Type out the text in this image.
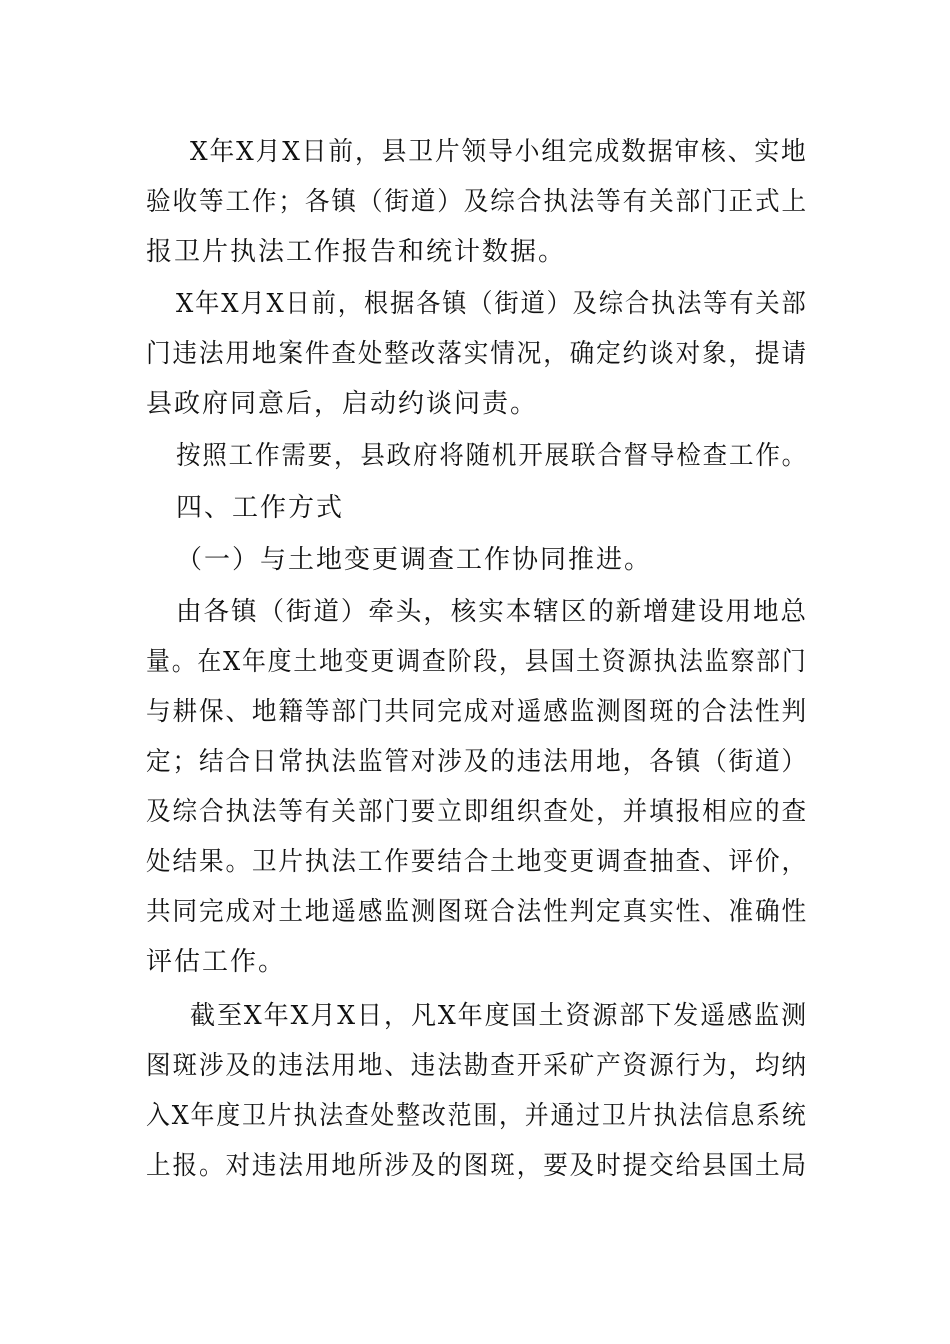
X年X月X日前，县卫片领导小组完成数据审核、实地

验收等工作；各镇（街道）及综合执法等有关部门正式上

报卫片执法工作报告和统计数据。

X年X月X日前，根据各镇（街道）及综合执法等有关部

门违法用地案件查处整改落实情况，确定约谈对象，提请

县政府同意后，启动约谈问责。

按照工作需要，县政府将随机开展联合督导检查工作。

四、工作方式

（一）与土地变更调查工作协同推进。

由各镇（街道）牵头，核实本辖区的新增建设用地总

量。在X年度土地变更调查阶段，县国土资源执法监察部门

与耕保、地籍等部门共同完成对遥感监测图斑的合法性判

定；结合日常执法监管对涉及的违法用地，各镇（街道）

及综合执法等有关部门要立即组织查处，并填报相应的查

处结果。卫片执法工作要结合土地变更调查抽查、评价，

共同完成对土地遥感监测图斑合法性判定真实性、准确性

评估工作。

截至X年X月X日，凡X年度国土资源部下发遥感监测

图斑涉及的违法用地、违法勘查开采矿产资源行为，均纳

入X年度卫片执法查处整改范围，并通过卫片执法信息系统

上报。对违法用地所涉及的图斑，要及时提交给县国土局
